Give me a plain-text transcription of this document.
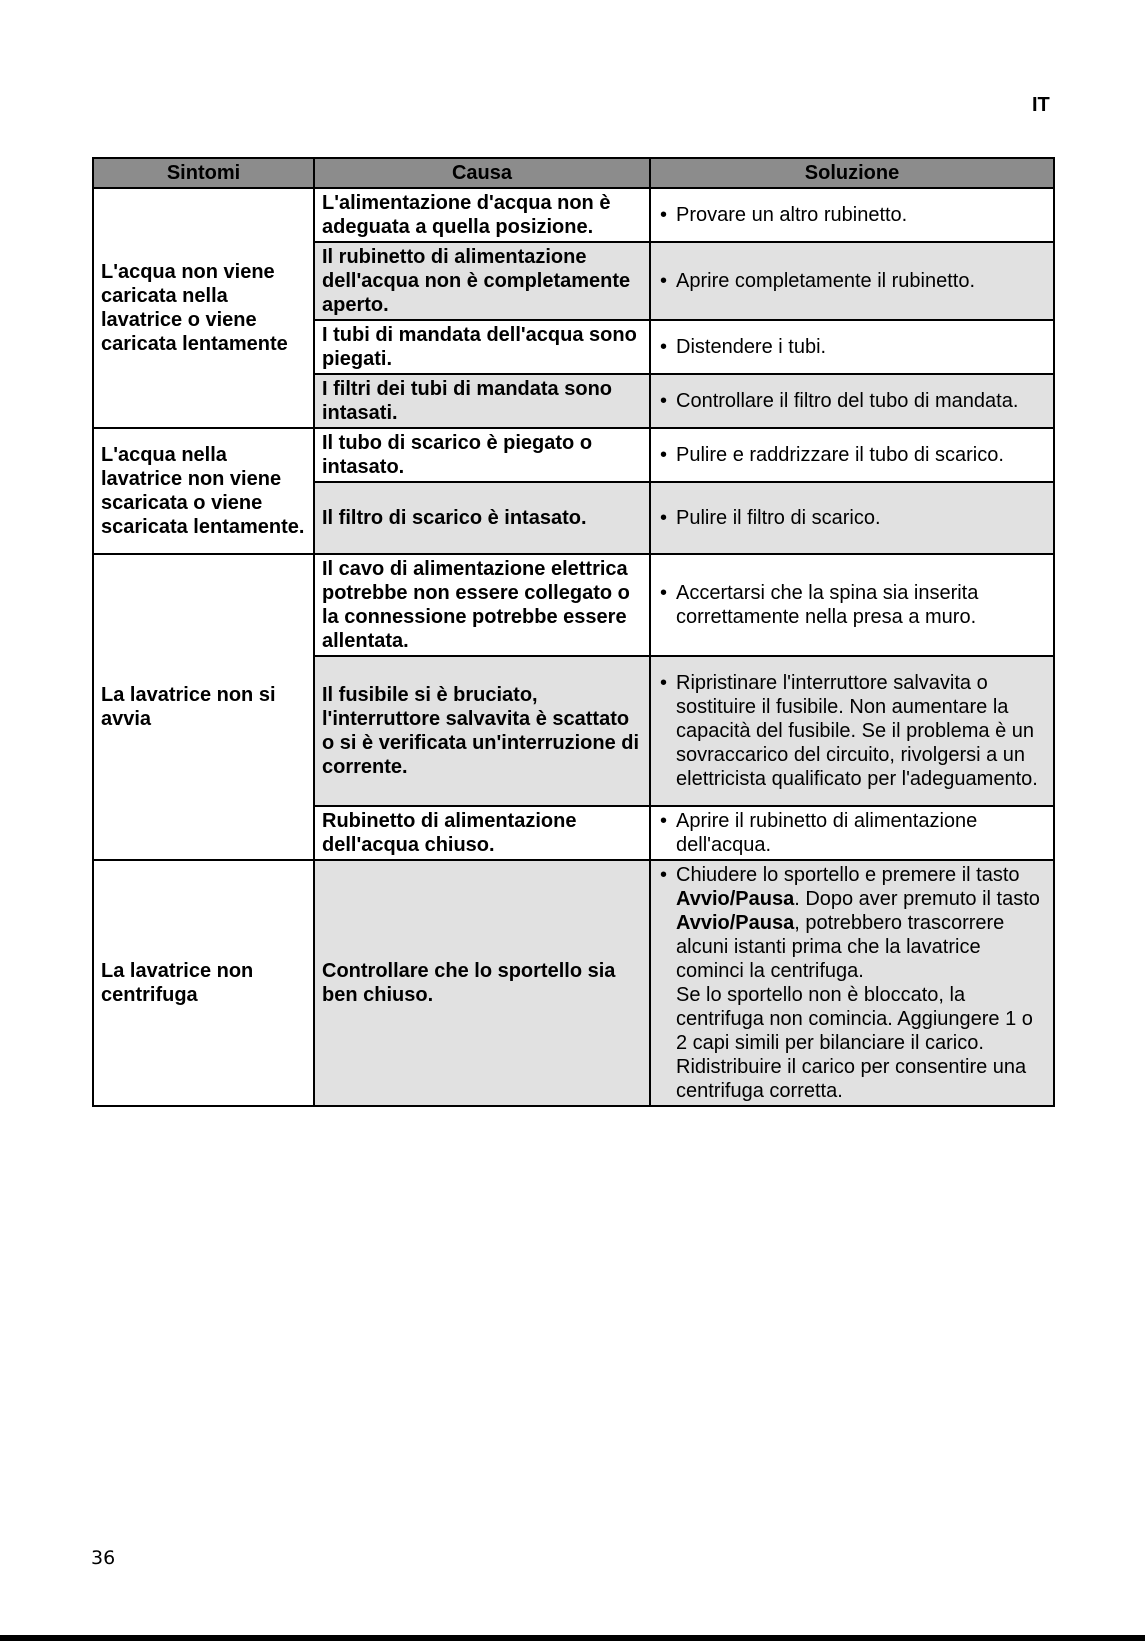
IT
Sintomi	Causa	Soluzione
L'acqua non viene caricata nella lavatrice o viene caricata lentamente	L'alimentazione d'acqua non è adeguata a quella posizione.	• Provare un altro rubinetto.

	Il rubinetto di alimentazione dell'acqua non è completamente aperto.	• Aprire completamente il rubinetto.

	I tubi di mandata dell'acqua sono piegati.	• Distendere i tubi.

	I filtri dei tubi di mandata sono intasati.	• Controllare il filtro del tubo di mandata.

L'acqua nella lavatrice non viene scaricata o viene scaricata lentamente.	Il tubo di scarico è piegato o intasato.	• Pulire e raddrizzare il tubo di scarico.

	Il filtro di scarico è intasato.	• Pulire il filtro di scarico.

La lavatrice non si avvia	Il cavo di alimentazione elettrica potrebbe non essere collegato o la connessione potrebbe essere allentata.	• Accertarsi che la spina sia inserita correttamente nella presa a muro.

	Il fusibile si è bruciato, l'interruttore salvavita è scattato o si è verificata un'interruzione di corrente.	• Ripristinare l'interruttore salvavita o sostituire il fusibile. Non aumentare la capacità del fusibile. Se il problema è un sovraccarico del circuito, rivolgersi a un elettricista qualificato per l'adeguamento.

	Rubinetto di alimentazione dell'acqua chiuso.	• Aprire il rubinetto di alimentazione dell'acqua.

La lavatrice non centrifuga	Controllare che lo sportello sia ben chiuso.	• Chiudere lo sportello e premere il tasto Avvio/Pausa. Dopo aver premuto il tasto Avvio/Pausa, potrebbero trascorrere alcuni istanti prima che la lavatrice cominci la centrifuga.
Se lo sportello non è bloccato, la centrifuga non comincia. Aggiungere 1 o 2 capi simili per bilanciare il carico. Ridistribuire il carico per consentire una centrifuga corretta.
36
